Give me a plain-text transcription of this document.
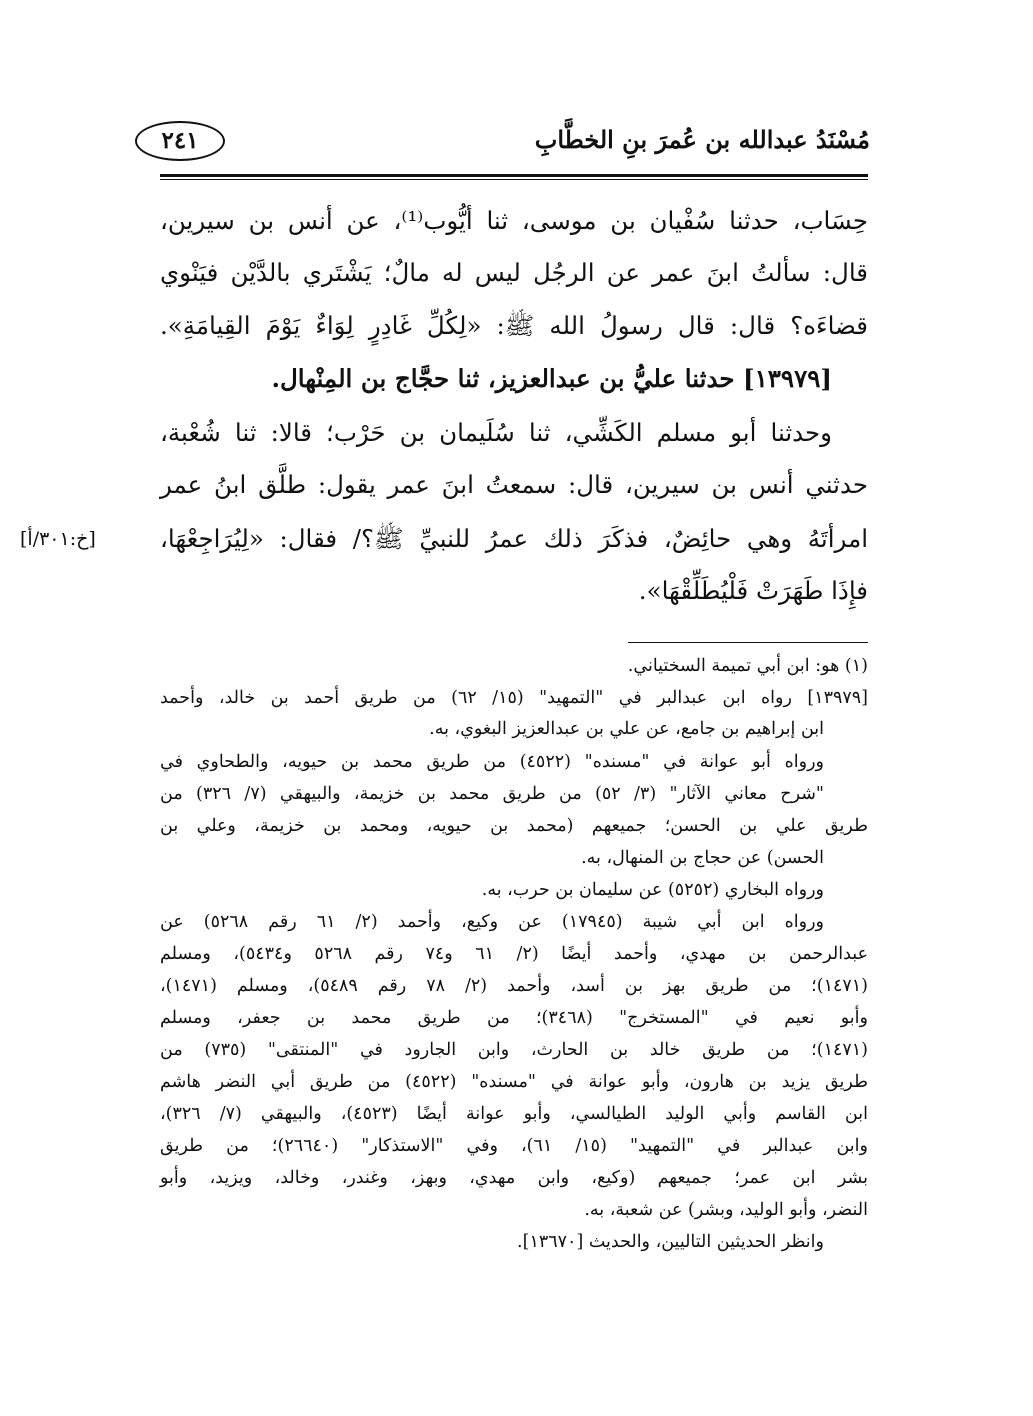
مُسْنَدُ عبدالله بن عُمرَ بنِ الخطَّابِ
٢٤١
حِسَاب، حدثنا سُفْيان بن موسى، ثنا أيُّوب⁽¹⁾، عن أنس بن سيرين،
قال: سألتُ ابنَ عمر عن الرجُل ليس له مالٌ؛ يَشْتَري بالدَّيْن فيَنْوي
قضاءَه؟ قال: قال رسولُ الله ﷺ: «لِكُلِّ غَادِرٍ لِوَاءٌ يَوْمَ القِيامَةِ».
[١٣٩٧٩] حدثنا عليُّ بن عبدالعزيز، ثنا حجَّاج بن المِنْهال.
وحدثنا أبو مسلم الكَشِّي، ثنا سُلَيمان بن حَرْب؛ قالا: ثنا شُعْبة،
حدثني أنس بن سيرين، قال: سمعتُ ابنَ عمر يقول: طلَّق ابنُ عمر
امرأتَهُ وهي حائِضٌ، فذكَرَ ذلك عمرُ للنبيِّ ﷺ؟/ فقال: «لِيُرَاجِعْهَا،
فإِذَا طَهَرَتْ فَلْيُطَلِّقْهَا».
[خ:٣٠١/أ]
(١) هو: ابن أبي تميمة السختياني.
[١٣٩٧٩] رواه ابن عبدالبر في "التمهيد" (١٥/ ٦٢) من طريق أحمد بن خالد، وأحمد
ابن إبراهيم بن جامع، عن علي بن عبدالعزيز البغوي، به.
ورواه أبو عوانة في "مسنده" (٤٥٢٢) من طريق محمد بن حيويه، والطحاوي في
"شرح معاني الآثار" (٣/ ٥٢) من طريق محمد بن خزيمة، والبيهقي (٧/ ٣٢٦) من
طريق علي بن الحسن؛ جميعهم (محمد بن حيويه، ومحمد بن خزيمة، وعلي بن
الحسن) عن حجاج بن المنهال، به.
ورواه البخاري (٥٢٥٢) عن سليمان بن حرب، به.
ورواه ابن أبي شيبة (١٧٩٤٥) عن وكيع، وأحمد (٢/ ٦١ رقم ٥٢٦٨) عن
عبدالرحمن بن مهدي، وأحمد أيضًا (٢/ ٦١ و٧٤ رقم ٥٢٦٨ و٥٤٣٤)، ومسلم
(١٤٧١)؛ من طريق بهز بن أسد، وأحمد (٢/ ٧٨ رقم ٥٤٨٩)، ومسلم (١٤٧١)،
وأبو نعيم في "المستخرج" (٣٤٦٨)؛ من طريق محمد بن جعفر، ومسلم
(١٤٧١)؛ من طريق خالد بن الحارث، وابن الجارود في "المنتقى" (٧٣٥) من
طريق يزيد بن هارون، وأبو عوانة في "مسنده" (٤٥٢٢) من طريق أبي النضر هاشم
ابن القاسم وأبي الوليد الطيالسي، وأبو عوانة أيضًا (٤٥٢٣)، والبيهقي (٧/ ٣٢٦)،
وابن عبدالبر في "التمهيد" (١٥/ ٦١)، وفي "الاستذكار" (٢٦٦٤٠)؛ من طريق
بشر ابن عمر؛ جميعهم (وكيع، وابن مهدي، وبهز، وغندر، وخالد، ويزيد، وأبو
النضر، وأبو الوليد، وبشر) عن شعبة، به.
وانظر الحديثين التاليين، والحديث [١٣٦٧٠].
